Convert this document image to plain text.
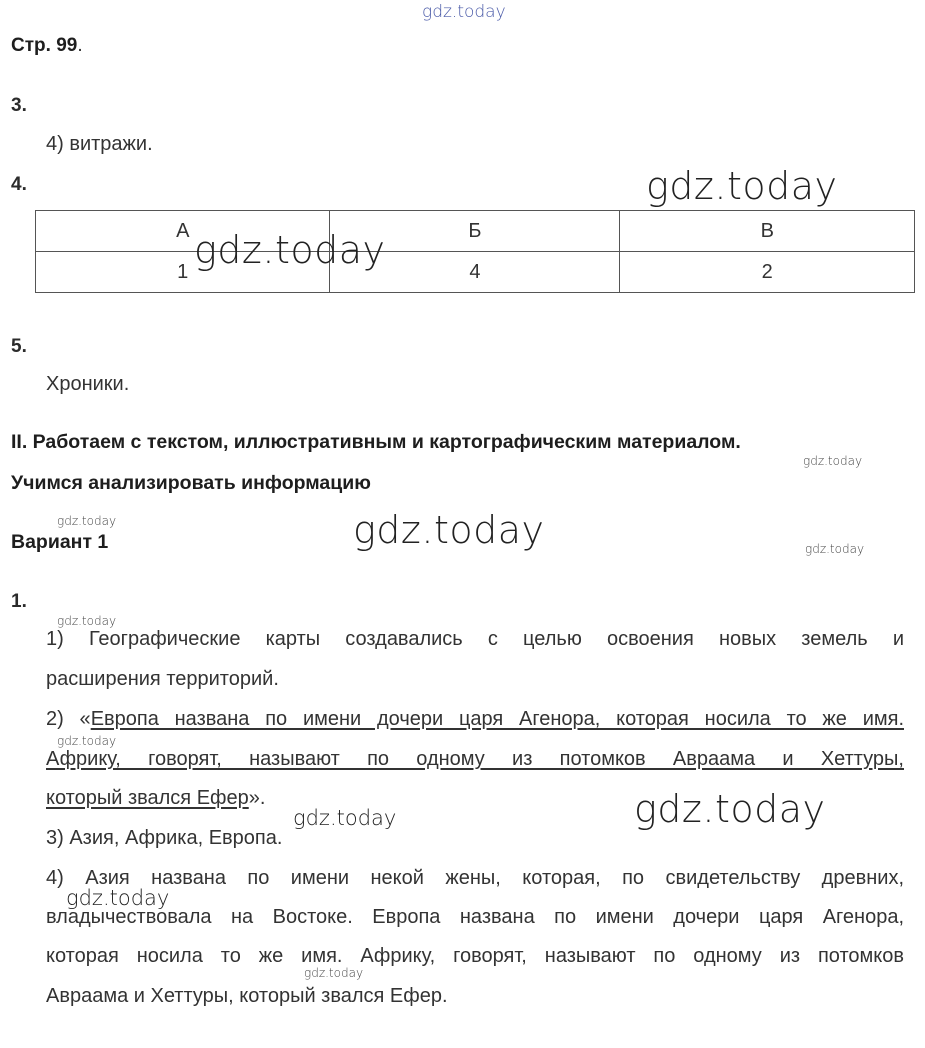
gdz.today
Стр. 99.
3.
4) витражи.
4.	gdz.today
А	Б	В
1	4	2
gdz.today
5.
Хроники.
II. Работаем с текстом, иллюстративным и картографическим материалом.
gdz.today
Учимся анализировать информацию
gdz.today
Вариант 1	gdz.today	gdz.today
1.
gdz.today
1) Географические карты создавались с целью освоения новых земель и
расширения территорий.
2) «Европа названа по имени дочери царя Агенора, которая носила то же имя.
gdz.today
Африку, говорят, называют по одному из потомков Авраама и Хеттуры,
который звался Ефер».
gdz.today	gdz.today
3) Азия, Африка, Европа.
4) Азия названа по имени некой жены, которая, по свидетельству древних,
gdz.today
владычествовала на Востоке. Европа названа по имени дочери царя Агенора,
которая носила то же имя. Африку, говорят, называют по одному из потомков
gdz.today
Авраама и Хеттуры, который звался Ефер.
